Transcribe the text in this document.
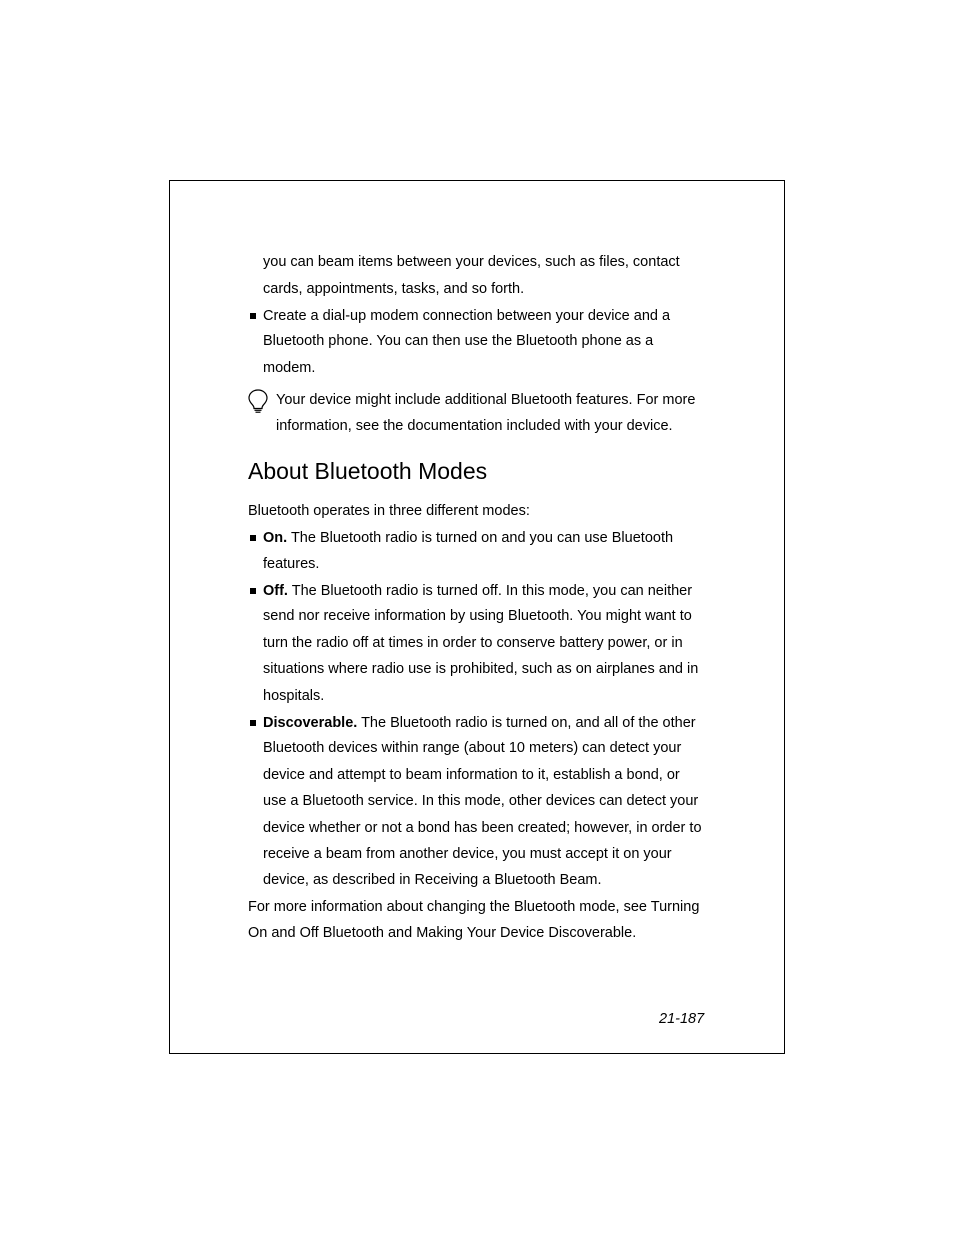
you can beam items between your devices, such as files, contact
cards, appointments, tasks, and so forth.
Create a dial-up modem connection between your device and a
Bluetooth phone. You can then use the Bluetooth phone as a
modem.
Your device might include additional Bluetooth features. For more
information, see the documentation included with your device.
About Bluetooth Modes
Bluetooth operates in three different modes:
On. The Bluetooth radio is turned on and you can use Bluetooth
features.
Off. The Bluetooth radio is turned off. In this mode, you can neither
send nor receive information by using Bluetooth. You might want to
turn the radio off at times in order to conserve battery power, or in
situations where radio use is prohibited, such as on airplanes and in
hospitals.
Discoverable. The Bluetooth radio is turned on, and all of the other
Bluetooth devices within range (about 10 meters) can detect your
device and attempt to beam information to it, establish a bond, or
use a Bluetooth service. In this mode, other devices can detect your
device whether or not a bond has been created; however, in order to
receive a beam from another device, you must accept it on your
device, as described in Receiving a Bluetooth Beam.
For more information about changing the Bluetooth mode, see Turning
On and Off Bluetooth and Making Your Device Discoverable.
21-187
